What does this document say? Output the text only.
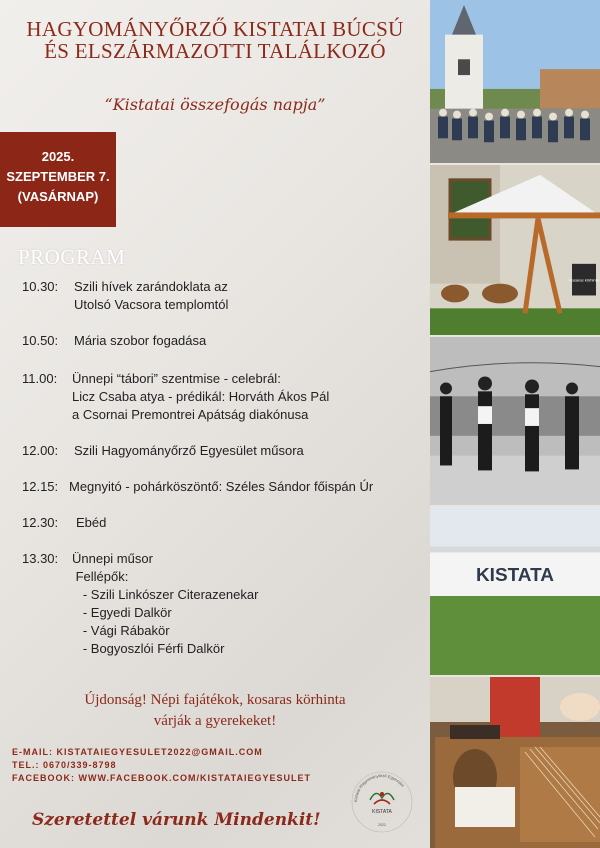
HAGYOMÁNYŐRZŐ KISTATAI BÚCSÚ
ÉS ELSZÁRMAZOTTI TALÁLKOZÓ
“Kistatai összefogás napja”
2025.
SZEPTEMBER 7.
(VASÁRNAP)
PROGRAM
10.30:	Szili hívek zarándoklata az
Utolsó Vacsora templomtól
10.50:	Mária szobor fogadása
11.00:	Ünnepi “tábori” szentmise - celebrál:
Licz Csaba atya - prédikál: Horváth Ákos Pál
a Csornai Premontrei Apátság diakónusa
12.00:	Szili Hagyományőrző Egyesület műsora
12.15: Megnyitó - pohárköszöntő: Széles Sándor főispán Úr
12.30:	Ebéd
13.30:	Ünnepi műsor
Fellépők:
- Szili Linkószer Citerazenekar
- Egyedi Dalkör
- Vági Rábakör
- Bogyoszlói Férfi Dalkör
Újdonság! Népi fajátékok, kosaras körhinta
várják a gyerekeket!
E-MAIL: KISTATAIEGYESULET2022@GMAIL.COM
TEL.: 0670/339-8798
FACEBOOK: WWW.FACEBOOK.COM/KISTATAIEGYESULET
Szeretettel várunk Mindenkit!
Kistatai Hagyományőrző Egyesület
KISTATA
2022
Kosaras körhinta
KISTATA
